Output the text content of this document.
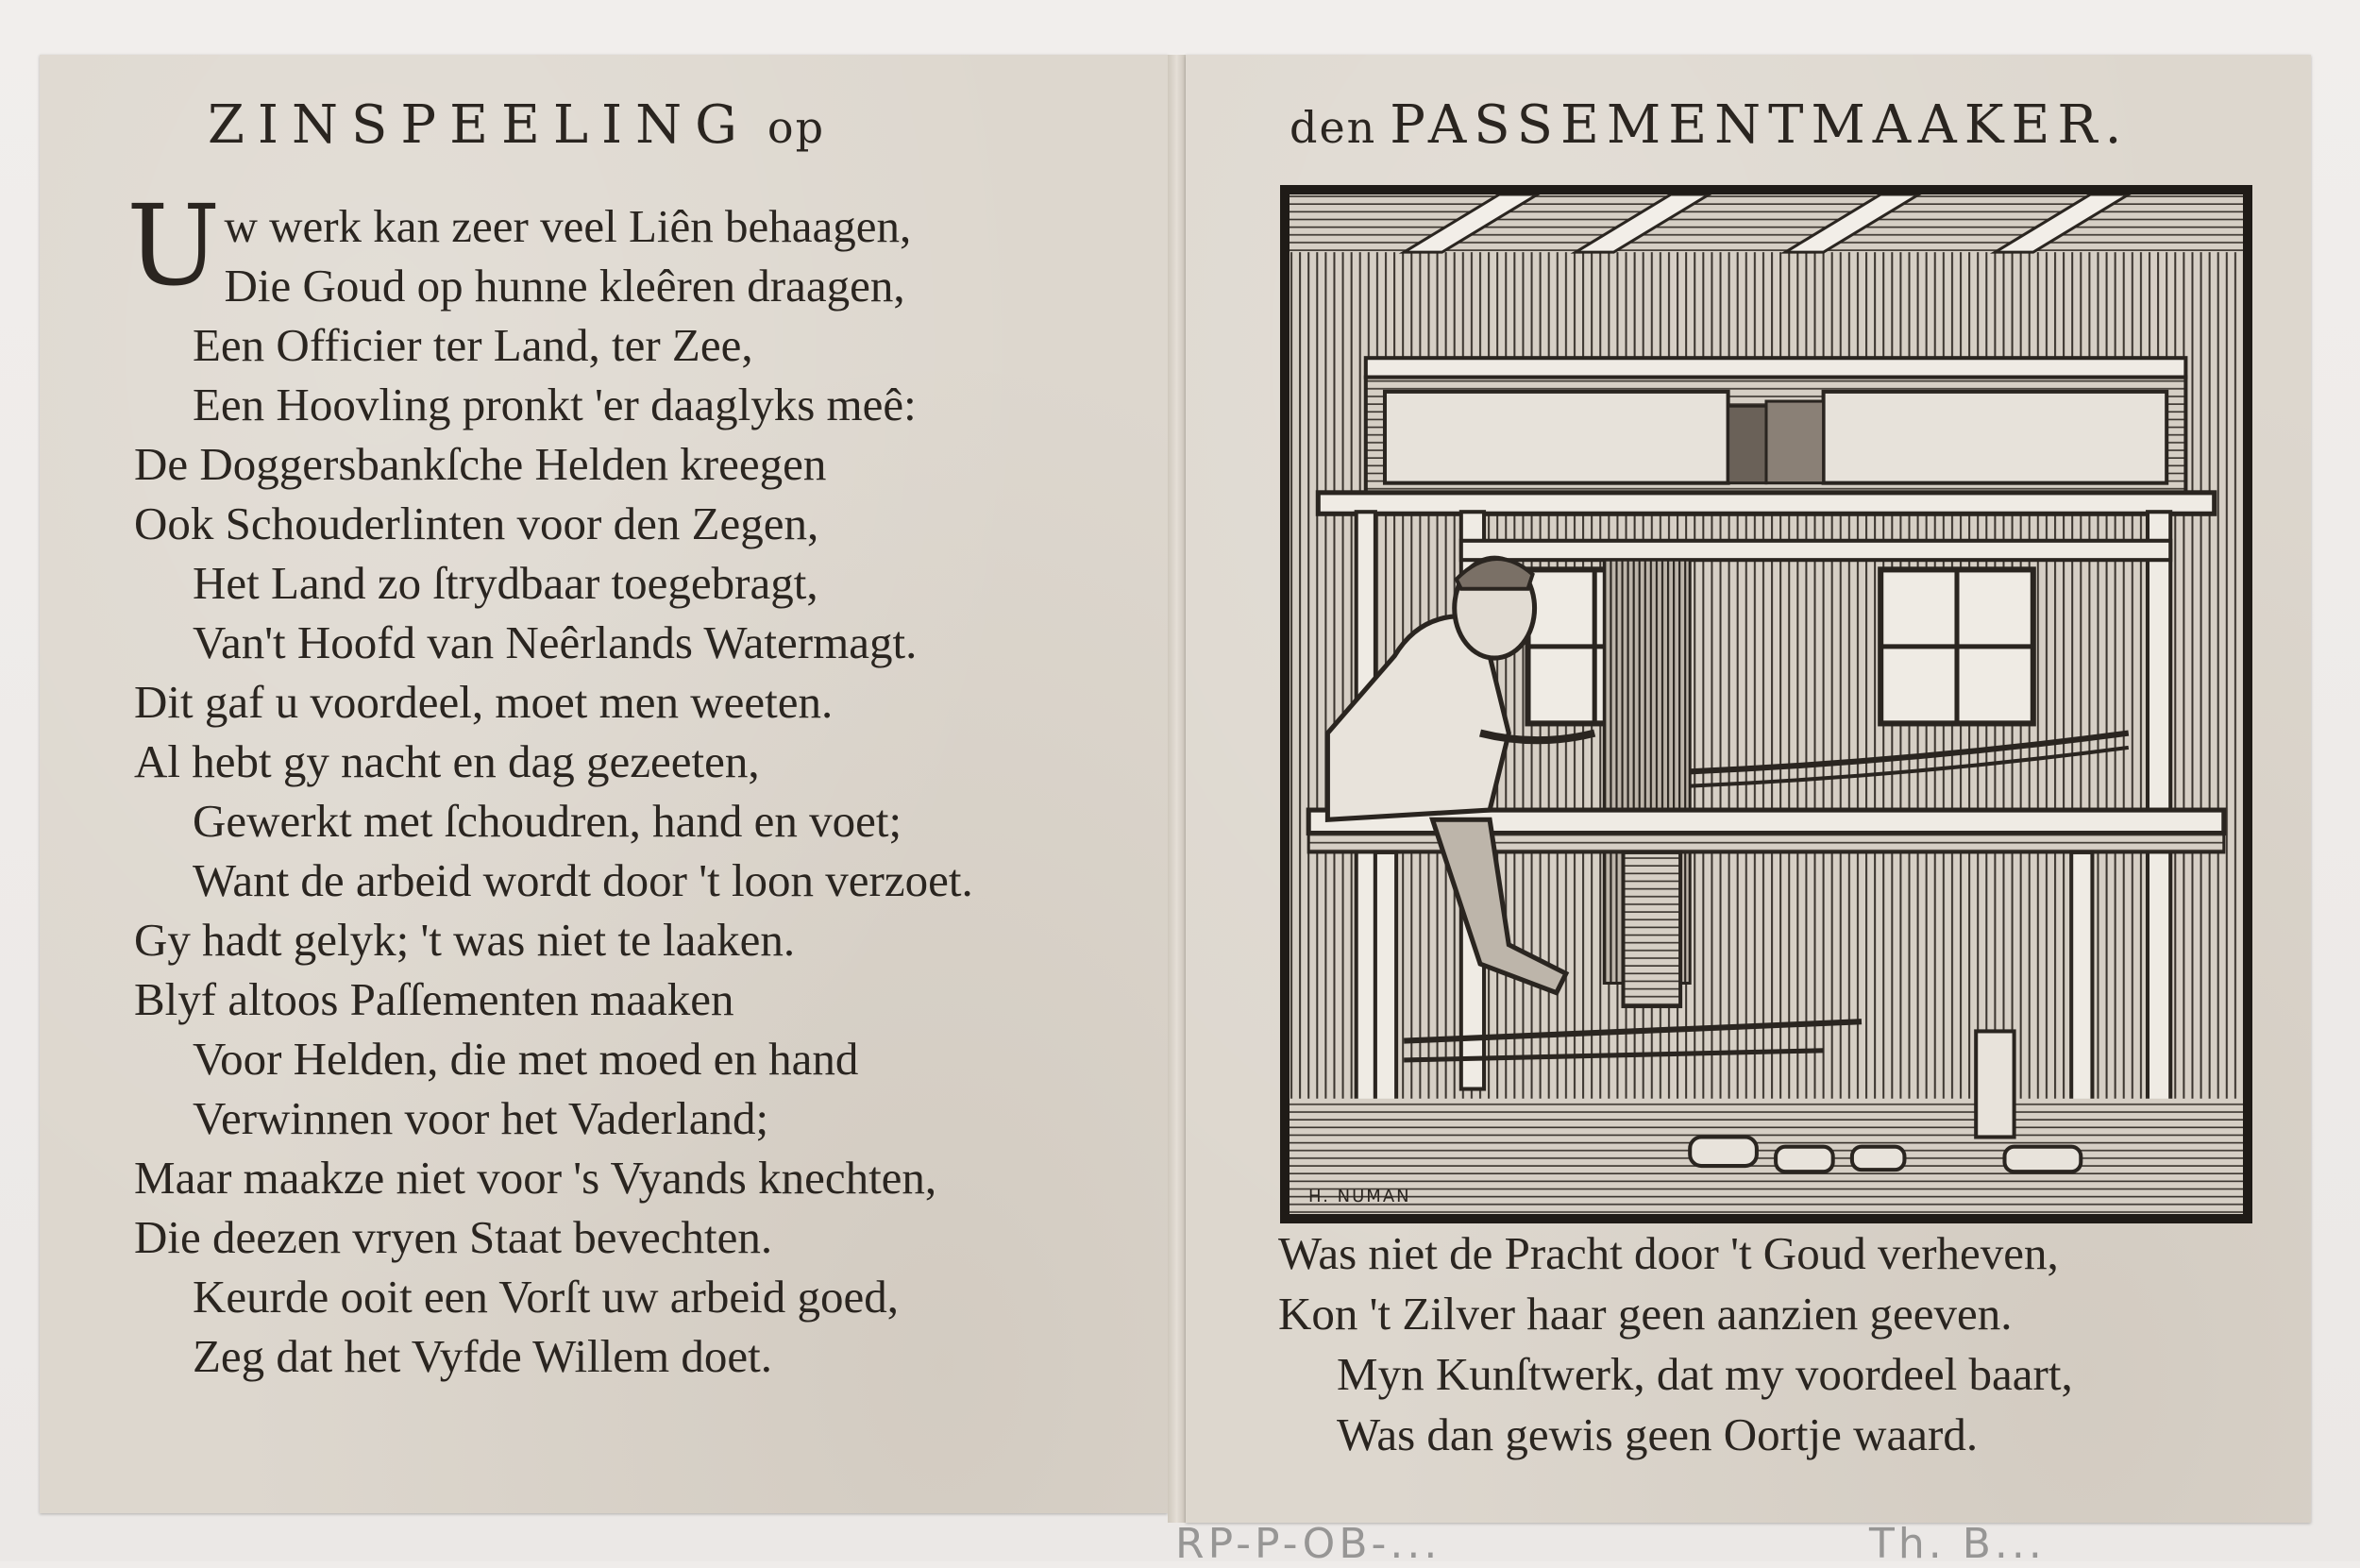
ZINSPEELING op
U w werk kan zeer veel Liên behaagen,
Die Goud op hunne kleêren draagen,
Een Officier ter Land, ter Zee,
Een Hoovling pronkt 'er daaglyks meê:
De Doggersbankſche Helden kreegen
Ook Schouderlinten voor den Zegen,
Het Land zo ſtrydbaar toegebragt,
Van't Hoofd van Neêrlands Watermagt.
Dit gaf u voordeel, moet men weeten.
Al hebt gy nacht en dag gezeeten,
Gewerkt met ſchoudren, hand en voet;
Want de arbeid wordt door 't loon verzoet.
Gy hadt gelyk; 't was niet te laaken.
Blyf altoos Paſſementen maaken
Voor Helden, die met moed en hand
Verwinnen voor het Vaderland;
Maar maakze niet voor 's Vyands knechten,
Die deezen vryen Staat bevechten.
Keurde ooit een Vorſt uw arbeid goed,
Zeg dat het Vyfde Willem doet.
den PASSEMENTMAAKER.
H. NUMAN
Was niet de Pracht door 't Goud verheven,
Kon 't Zilver haar geen aanzien geeven.
Myn Kunſtwerk, dat my voordeel baart,
Was dan gewis geen Oortje waard.
RP-P-OB-...	Th. B...
